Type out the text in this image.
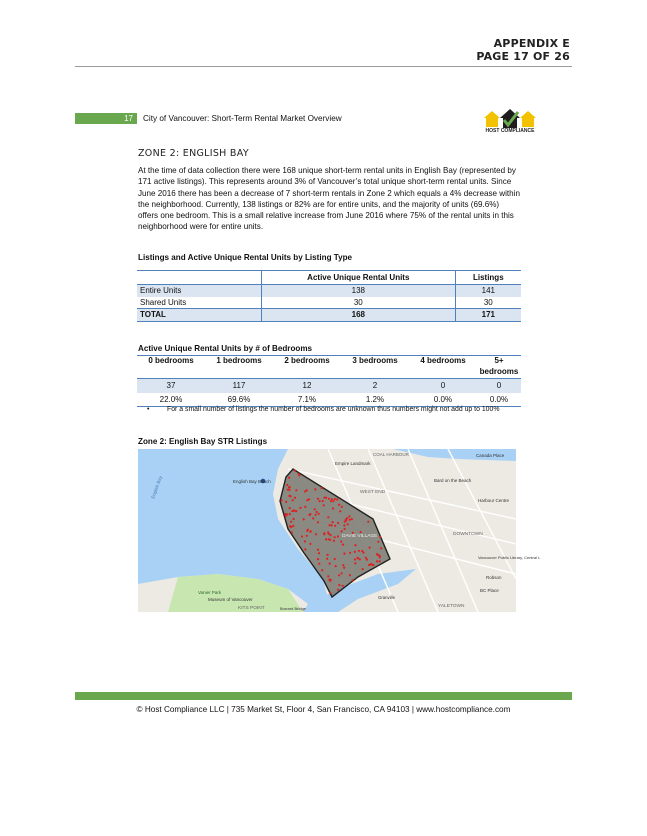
APPENDIX E
PAGE 17 OF 26
17	City of Vancouver: Short-Term Rental Market Overview
HOST COMPLIANCE
ZONE 2: ENGLISH BAY
At the time of data collection there were 168 unique short-term rental units in English Bay (represented by 171 active listings). This represents around 3% of Vancouver’s total unique short-term rental units. Since June 2016 there has been a decrease of 7 short-term rentals in Zone 2 which equals a 4% decrease within the neighborhood. Currently, 138 listings or 82% are for entire units, and the majority of units (69.6%) offers one bedroom. This is a small relative increase from June 2016 where 75% of the rental units in this neighborhood were for entire units.
Listings and Active Unique Rental Units by Listing Type
	Active Unique Rental Units	Listings
Entire Units	138	141
Shared Units	30	30
TOTAL	168	171
Active Unique Rental Units by # of Bedrooms
0 bedrooms	1 bedrooms	2 bedrooms	3 bedrooms	4 bedrooms	5+ bedrooms
37	117	12	2	0	0
22.0%	69.6%	7.1%	1.2%	0.0%	0.0%
•	For a small number of listings the number of bedrooms are unknown thus numbers might not add up to 100%
Zone 2: English Bay STR Listings
English Bay Beach
COAL HARBOUR	Canada Place
Empire Landmark
WEST END
Bard on the Beach
Harbour Centre
DOWNTOWN
DAVIE VILLAGE
Vancouver Public Library, Central L
Robson
BC Place
YALETOWN
Vanier Park
Museum of Vancouver
KITS POINT
English Bay
Granville
Burrard Bridge
© Host Compliance LLC | 735 Market St, Floor 4, San Francisco, CA 94103 | www.hostcompliance.com
